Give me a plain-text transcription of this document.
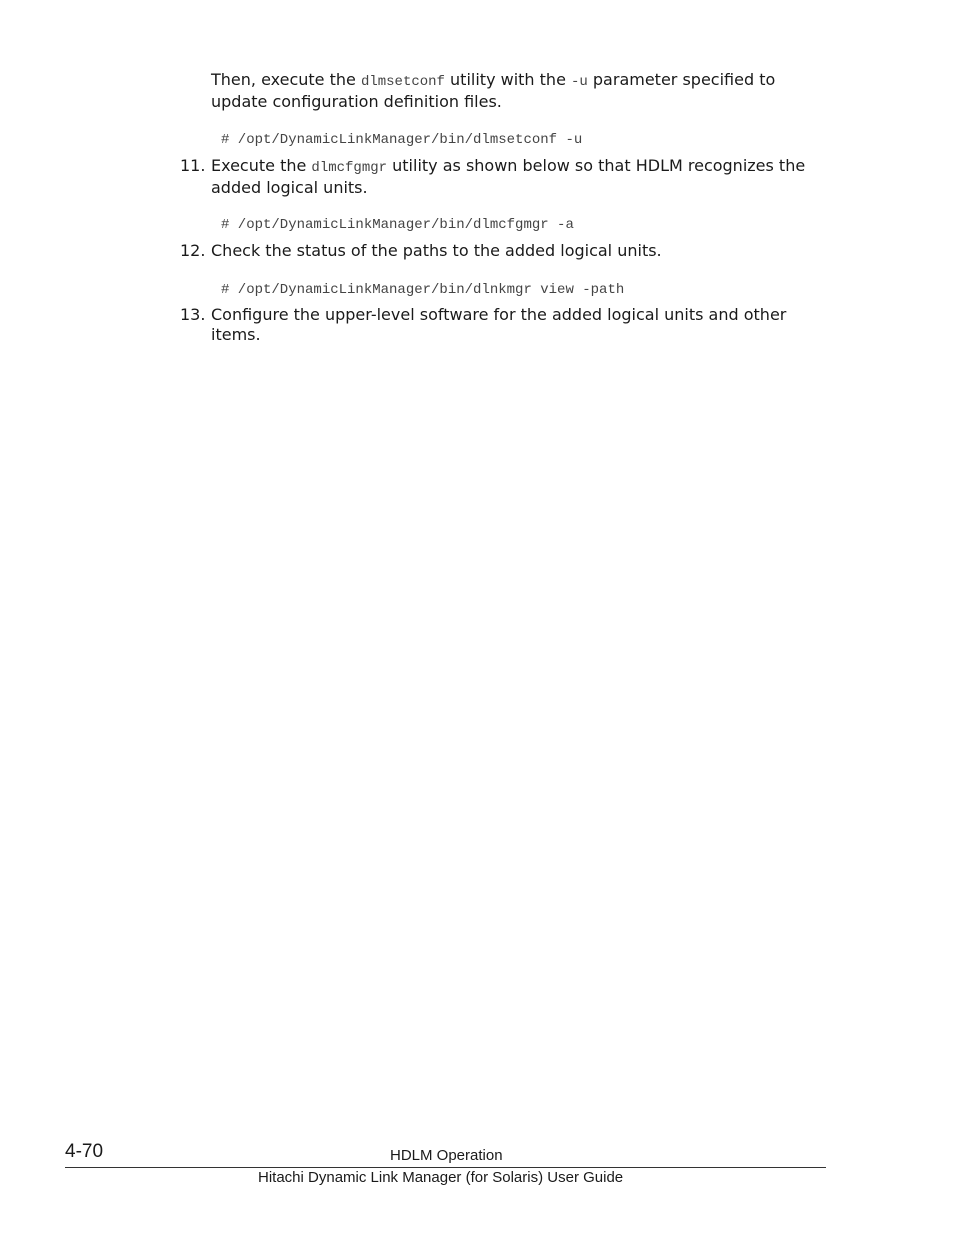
Then, execute the dlmsetconf utility with the -u parameter specified to update configuration definition files.

# /opt/DynamicLinkManager/bin/dlmsetconf -u
11. Execute the dlmcfgmgr utility as shown below so that HDLM recognizes the added logical units.

# /opt/DynamicLinkManager/bin/dlmcfgmgr -a
12. Check the status of the paths to the added logical units.

# /opt/DynamicLinkManager/bin/dlnkmgr view -path
13. Configure the upper-level software for the added logical units and other items.

4-70	HDLM Operation
Hitachi Dynamic Link Manager (for Solaris) User Guide
